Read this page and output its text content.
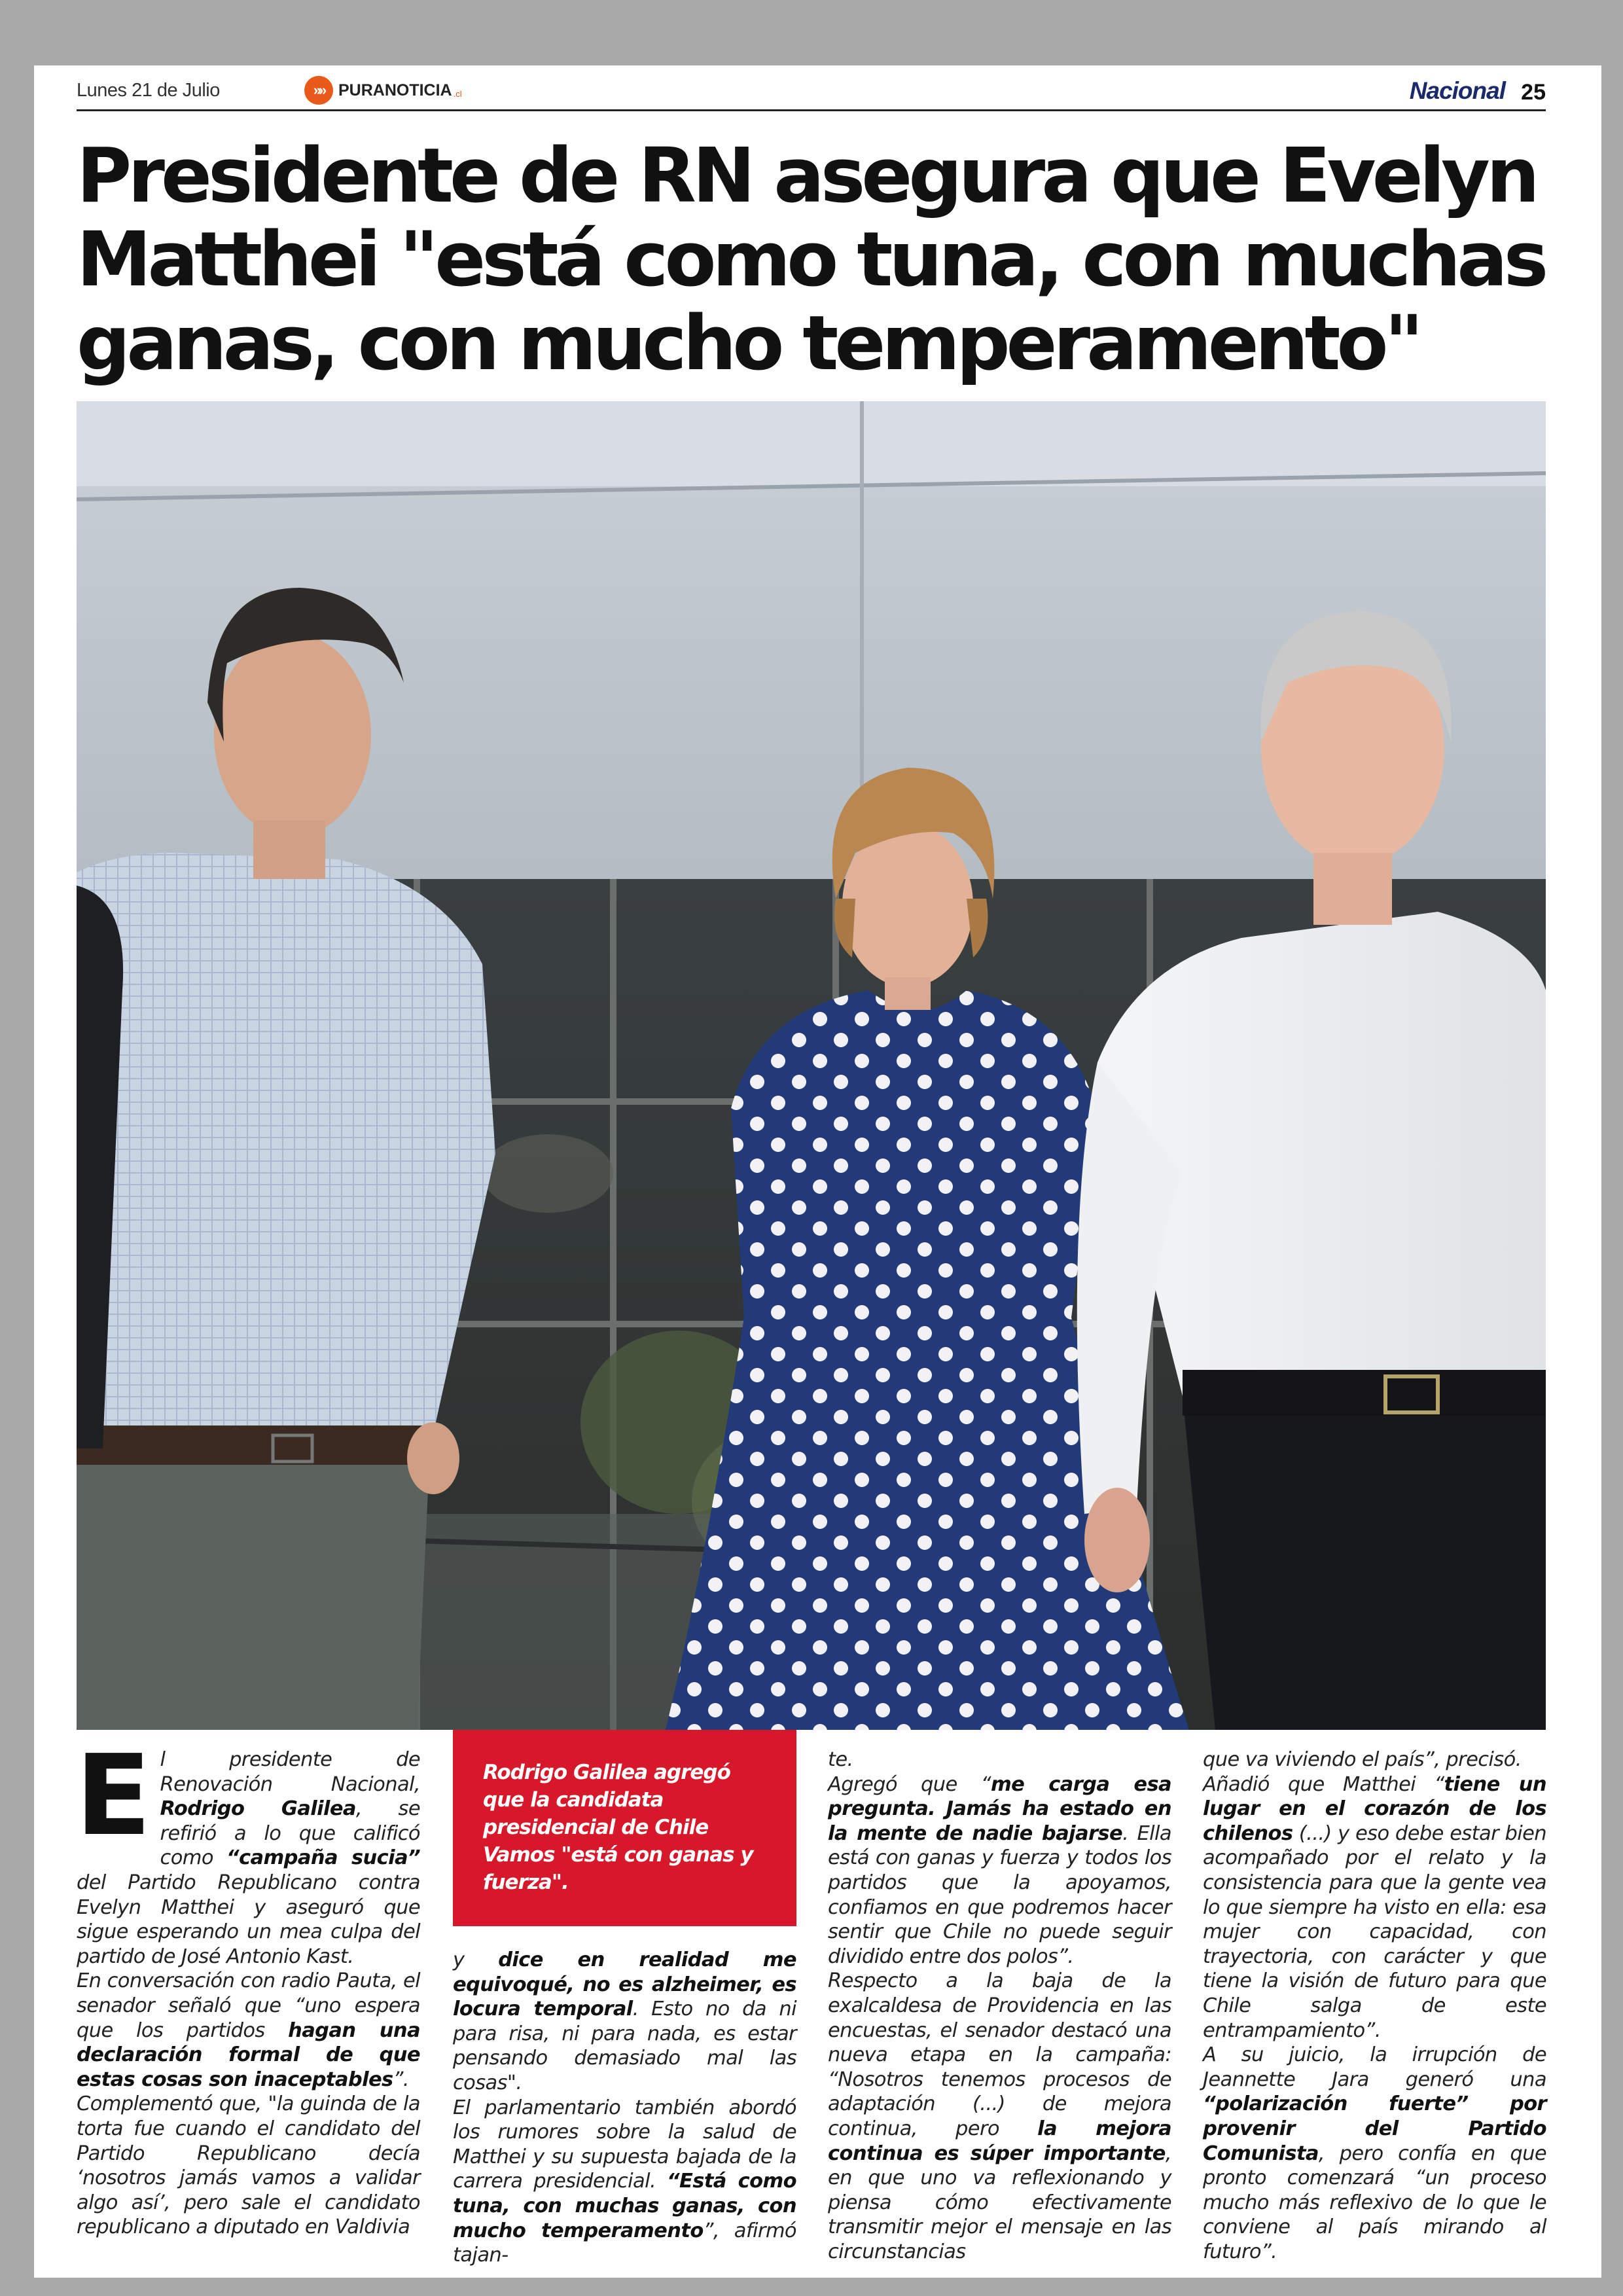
Lunes 21 de Julio	»» PURANOTICIA .cl	Nacional 25
Presidente de RN asegura que Evelyn Matthei "está como tuna, con muchas ganas, con mucho temperamento"
E l presidente de Renovación Nacional, Rodrigo Galilea, se refirió a lo que calificó como “campaña sucia” del Partido Republicano contra Evelyn Matthei y aseguró que sigue esperando un mea culpa del partido de José Antonio Kast.

En conversación con radio Pauta, el senador señaló que “uno espera que los partidos hagan una declaración formal de que estas cosas son inaceptables”.

Complementó que, "la guinda de la torta fue cuando el candidato del Partido Republicano decía ‘nosotros jamás vamos a validar algo así’, pero sale el candidato republicano a diputado en Valdivia

Rodrigo Galilea agregó que la candidata presidencial de Chile Vamos "está con ganas y fuerza".

y dice en realidad me equivoqué, no es alzheimer, es locura temporal. Esto no da ni para risa, ni para nada, es estar pensando demasiado mal las cosas".

El parlamentario también abordó los rumores sobre la salud de Matthei y su supuesta bajada de la carrera presidencial. “Está como tuna, con muchas ganas, con mucho temperamento”, afirmó tajan-

te.

Agregó que “me carga esa pregunta. Jamás ha estado en la mente de nadie bajarse. Ella está con ganas y fuerza y todos los partidos que la apoyamos, confiamos en que podremos hacer sentir que Chile no puede seguir dividido entre dos polos”.

Respecto a la baja de la exalcaldesa de Providencia en las encuestas, el senador destacó una nueva etapa en la campaña: “Nosotros tenemos procesos de adaptación (...) de mejora continua, pero la mejora continua es súper importante, en que uno va reflexionando y piensa cómo efectivamente transmitir mejor el mensaje en las circunstancias

que va viviendo el país”, precisó.

Añadió que Matthei “tiene un lugar en el corazón de los chilenos (...) y eso debe estar bien acompañado por el relato y la consistencia para que la gente vea lo que siempre ha visto en ella: esa mujer con capacidad, con trayectoria, con carácter y que tiene la visión de futuro para que Chile salga de este entrampamiento”.

A su juicio, la irrupción de Jeannette Jara generó una “polarización fuerte” por provenir del Partido Comunista, pero confía en que pronto comenzará “un proceso mucho más reflexivo de lo que le conviene al país mirando al futuro”.
